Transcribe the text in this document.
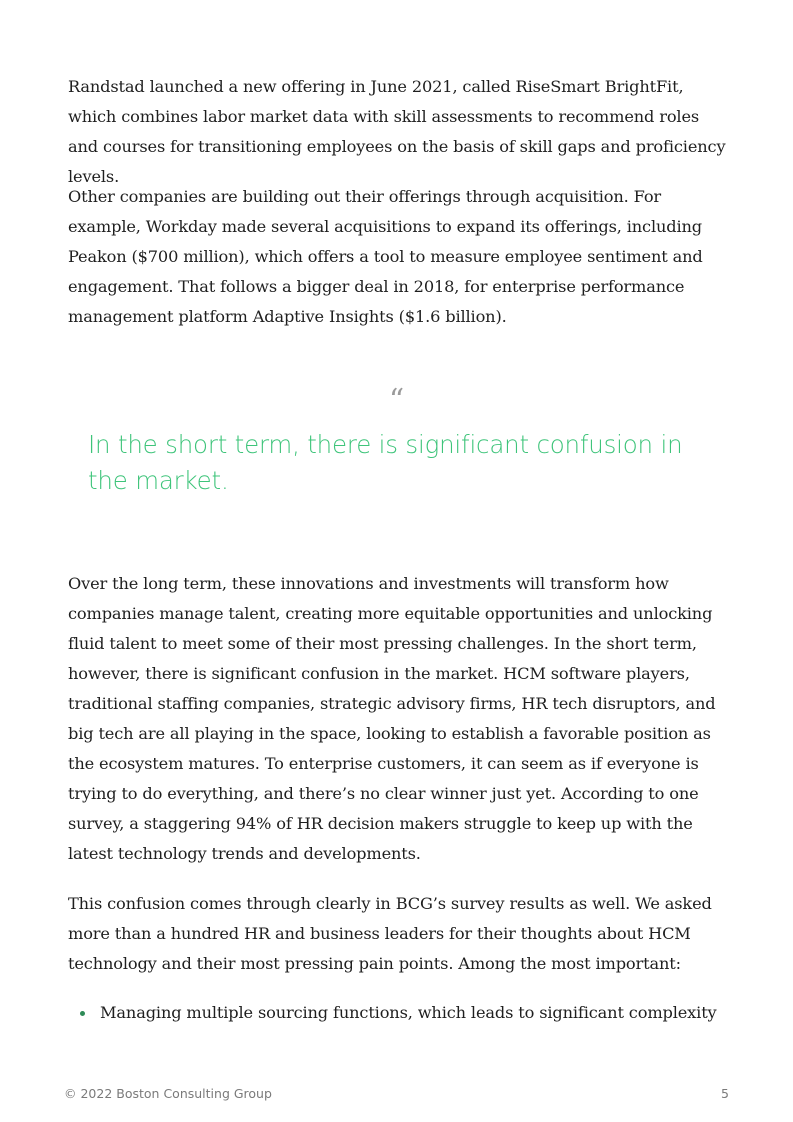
Randstad launched a new offering in June 2021, called RiseSmart BrightFit, which combines labor market data with skill assessments to recommend roles and courses for transitioning employees on the basis of skill gaps and proficiency levels.

Other companies are building out their offerings through acquisition. For example, Workday made several acquisitions to expand its offerings, including Peakon ($700 million), which offers a tool to measure employee sentiment and engagement. That follows a bigger deal in 2018, for enterprise performance management platform Adaptive Insights ($1.6 billion).

“

In the short term, there is significant confusion in the market.

Over the long term, these innovations and investments will transform how companies manage talent, creating more equitable opportunities and unlocking fluid talent to meet some of their most pressing challenges. In the short term, however, there is significant confusion in the market. HCM software players, traditional staffing companies, strategic advisory firms, HR tech disruptors, and big tech are all playing in the space, looking to establish a favorable position as the ecosystem matures. To enterprise customers, it can seem as if everyone is trying to do everything, and there’s no clear winner just yet. According to one survey, a staggering 94% of HR decision makers struggle to keep up with the latest technology trends and developments.

This confusion comes through clearly in BCG’s survey results as well. We asked more than a hundred HR and business leaders for their thoughts about HCM technology and their most pressing pain points. Among the most important:

Managing multiple sourcing functions, which leads to significant complexity
© 2022 Boston Consulting Group	5
